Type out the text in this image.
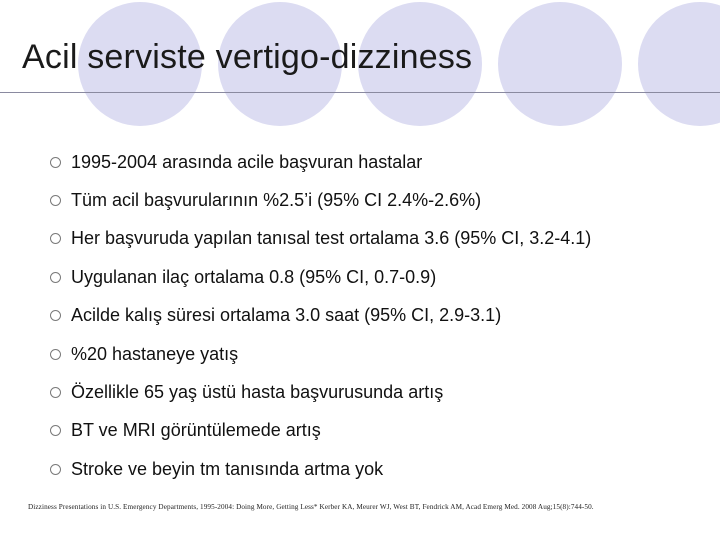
Acil serviste vertigo-dizziness
1995-2004 arasında acile başvuran hastalar
Tüm acil başvurularının %2.5’i (95% CI 2.4%-2.6%)
Her başvuruda yapılan tanısal test ortalama 3.6 (95% CI, 3.2-4.1)
Uygulanan ilaç ortalama 0.8 (95% CI, 0.7-0.9)
Acilde kalış süresi ortalama 3.0 saat (95% CI, 2.9-3.1)
%20 hastaneye yatış
Özellikle 65 yaş üstü hasta başvurusunda artış
BT ve MRI görüntülemede artış
Stroke ve beyin tm tanısında artma yok
Dizziness Presentations in U.S. Emergency Departments, 1995-2004: Doing More, Getting Less* Kerber KA, Meurer WJ, West BT, Fendrick AM, Acad Emerg Med. 2008 Aug;15(8):744-50.
